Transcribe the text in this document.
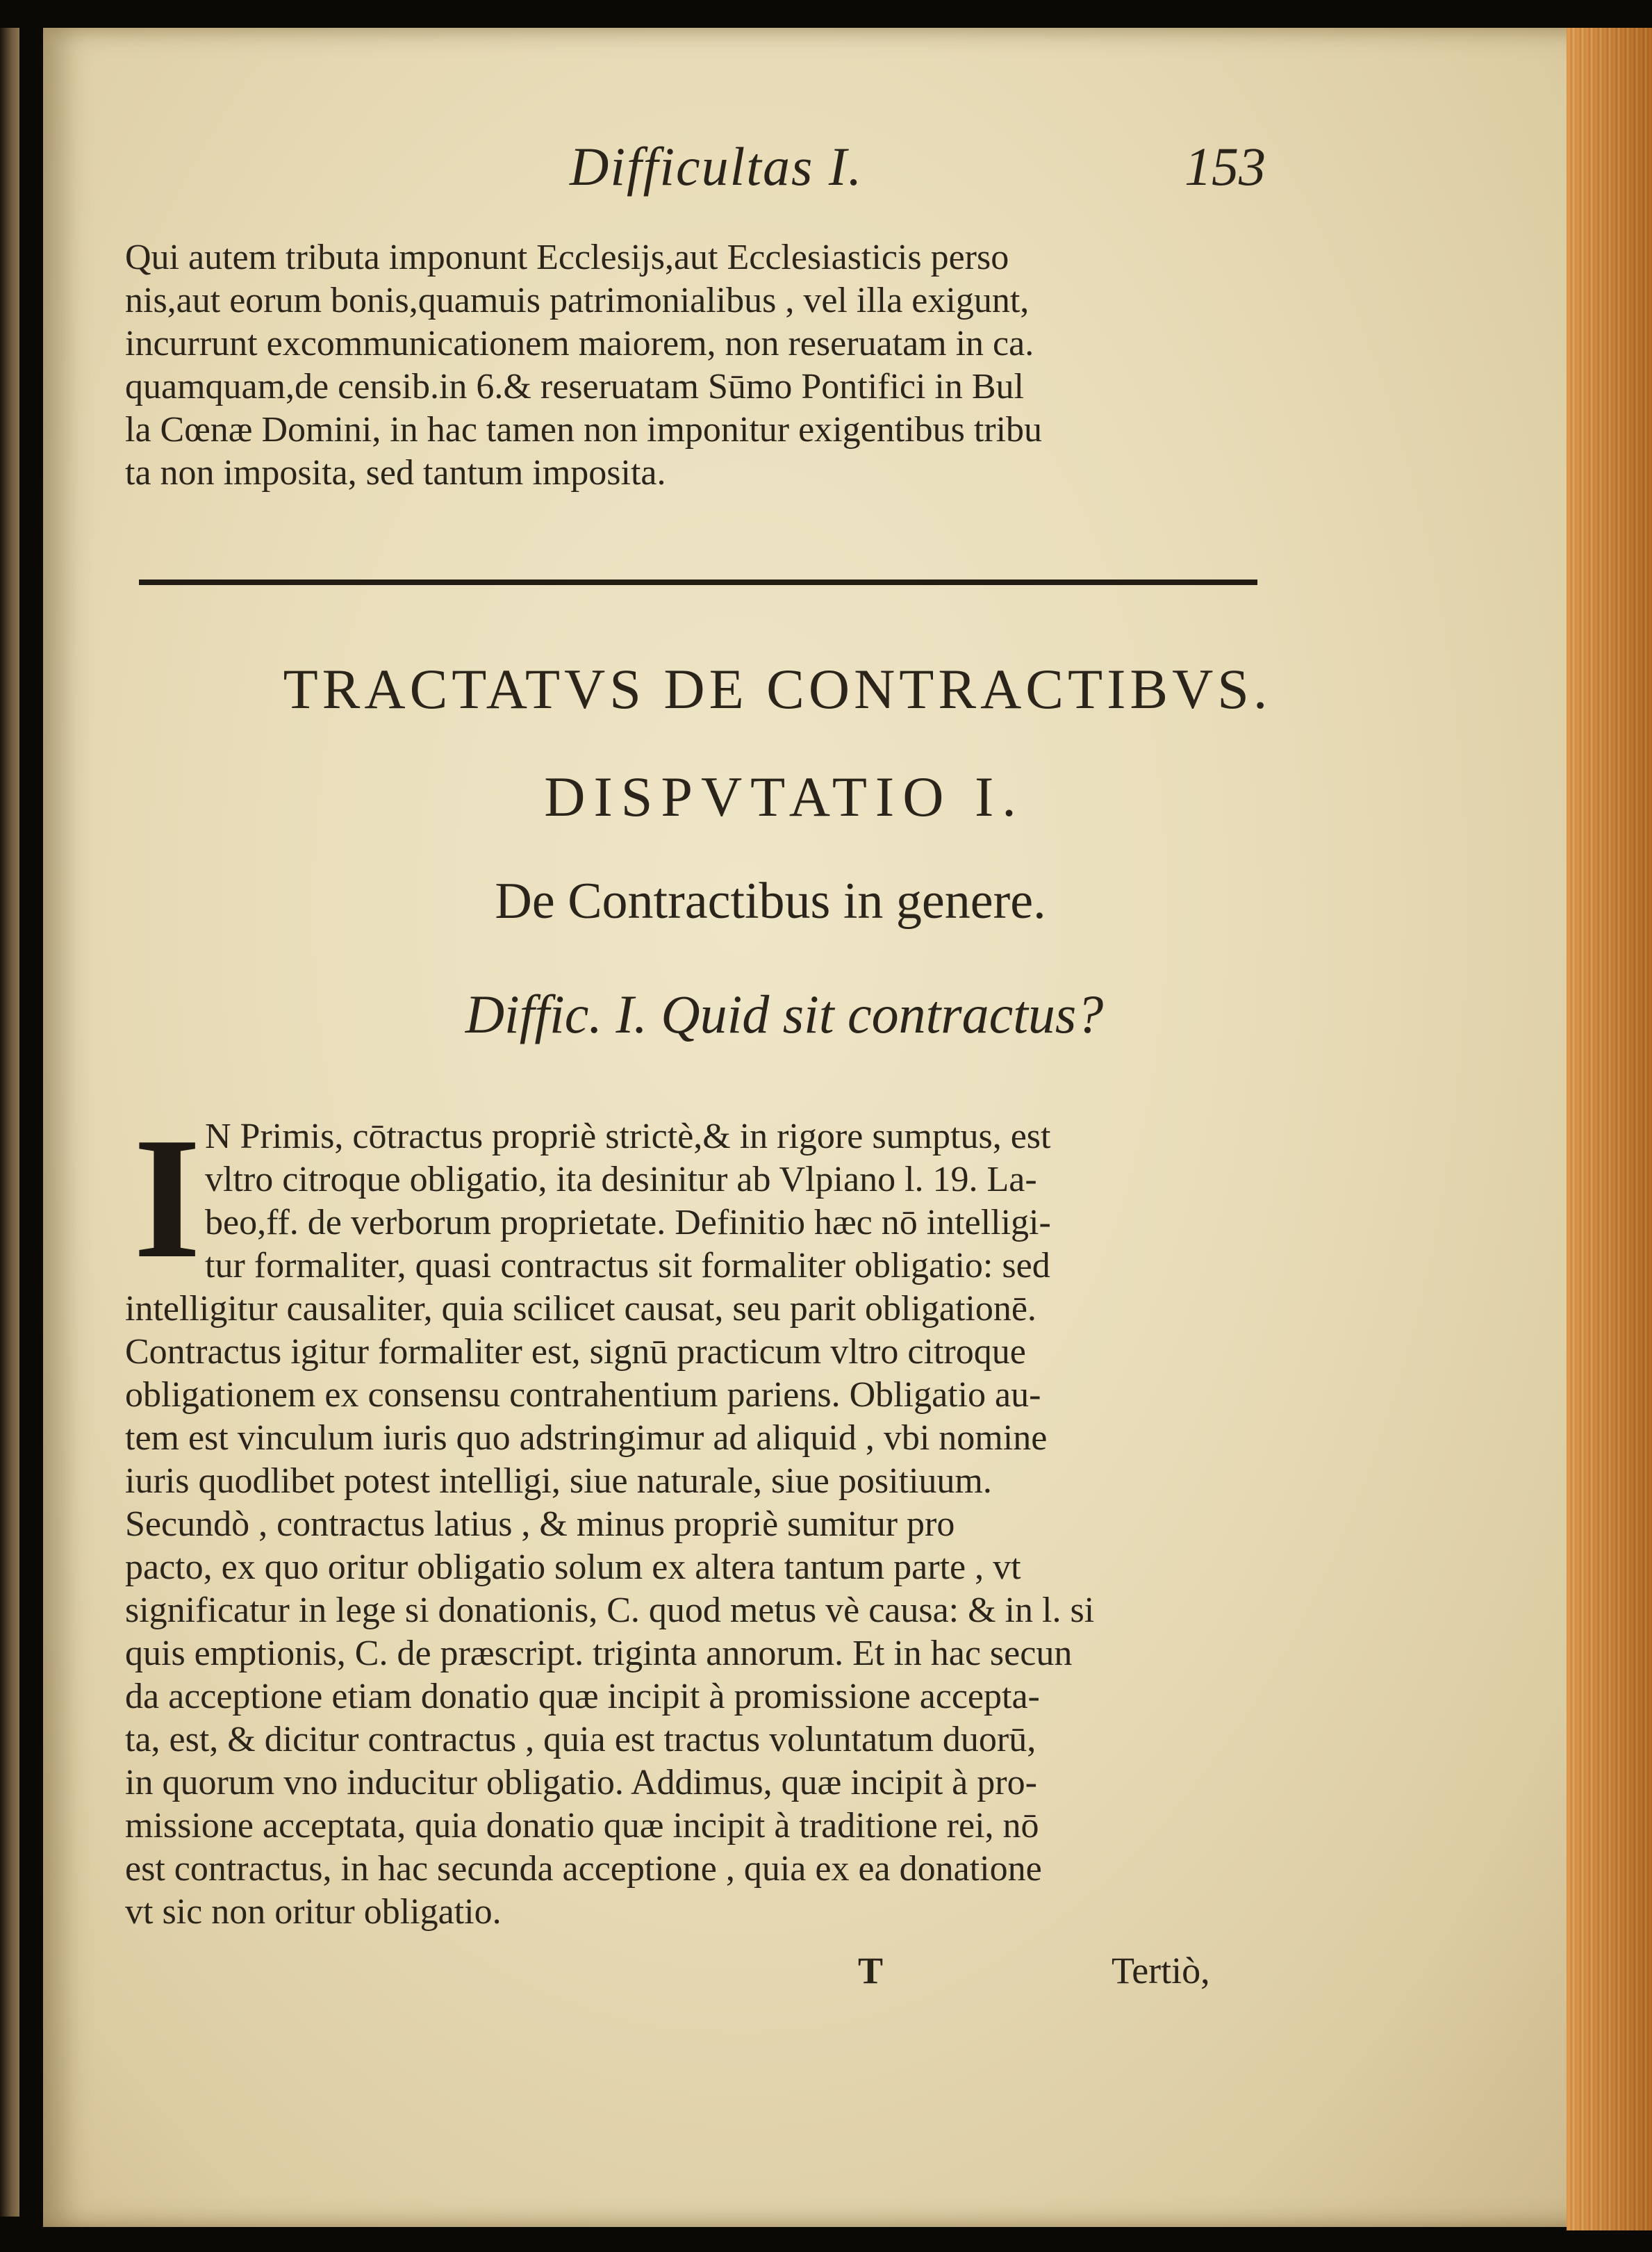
Difficultas I.	153

Qui autem tributa imponunt Ecclesijs,aut Ecclesiasticis perso
nis,aut eorum bonis,quamuis patrimonialibus , vel illa exigunt,
incurrunt excommunicationem maiorem, non reseruatam in ca.
quamquam,de censib.in 6.& reseruatam Sūmo Pontifici in Bul
la Cœnæ Domini, in hac tamen non imponitur exigentibus tribu
ta non imposita, sed tantum imposita.

TRACTATVS DE CONTRACTIBVS.
DISPVTATIO I.
De Contractibus in genere.
Diffic. I. Quid sit contractus?
I N Primis, cōtractus propriè strictè,& in rigore sumptus, est
vltro citroque obligatio, ita desinitur ab Vlpiano l. 19. La-
beo,ff. de verborum proprietate. Definitio hæc nō intelligi-
tur formaliter, quasi contractus sit formaliter obligatio: sed
intelligitur causaliter, quia scilicet causat, seu parit obligationē.
Contractus igitur formaliter est, signū practicum vltro citroque
obligationem ex consensu contrahentium pariens. Obligatio au-
tem est vinculum iuris quo adstringimur ad aliquid , vbi nomine
iuris quodlibet potest intelligi, siue naturale, siue positiuum.
Secundò , contractus latius , & minus propriè sumitur pro
pacto, ex quo oritur obligatio solum ex altera tantum parte , vt
significatur in lege si donationis, C. quod metus vè causa: & in l. si
quis emptionis, C. de præscript. triginta annorum. Et in hac secun
da acceptione etiam donatio quæ incipit à promissione accepta-
ta, est, & dicitur contractus , quia est tractus voluntatum duorū,
in quorum vno inducitur obligatio. Addimus, quæ incipit à pro-
missione acceptata, quia donatio quæ incipit à traditione rei, nō
est contractus, in hac secunda acceptione , quia ex ea donatione
vt sic non oritur obligatio.

T	Tertiò,
